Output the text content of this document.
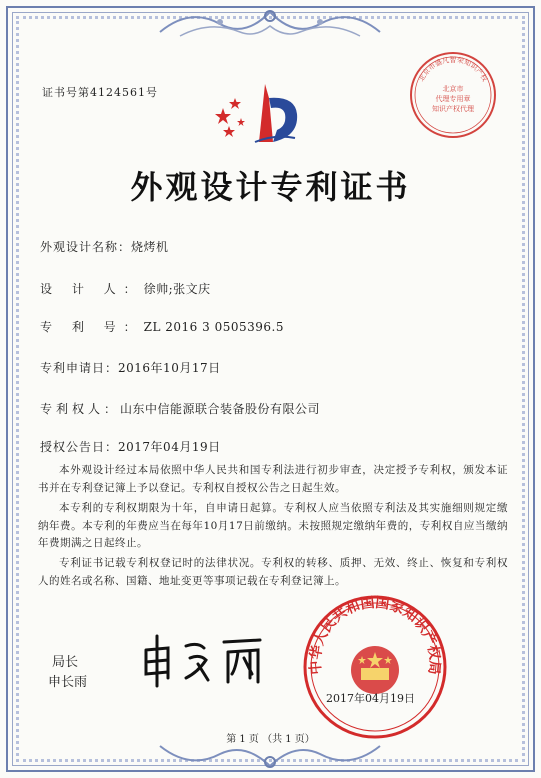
证书号第4124561号
北京市盛凡智荣知识产权
北京市
代理专用章
知识产权代理
外观设计专利证书
外观设计名称：烧烤机
设 计 人：徐帅;张文庆
专 利 号：ZL 2016 3 0505396.5
专利申请日：2016年10月17日
专利权人：山东中信能源联合装备股份有限公司
授权公告日：2017年04月19日
本外观设计经过本局依照中华人民共和国专利法进行初步审查，决定授予专利权，颁发本证书并在专利登记簿上予以登记。专利权自授权公告之日起生效。
本专利的专利权期限为十年，自申请日起算。专利权人应当依照专利法及其实施细则规定缴纳年费。本专利的年费应当在每年10月17日前缴纳。未按照规定缴纳年费的，专利权自应当缴纳年费期满之日起终止。
专利证书记载专利权登记时的法律状况。专利权的转移、质押、无效、终止、恢复和专利权人的姓名或名称、国籍、地址变更等事项记载在专利登记簿上。
局长
申长雨
中华人民共和国国家知识产权局
2017年04月19日
第 1 页 （共 1 页）
